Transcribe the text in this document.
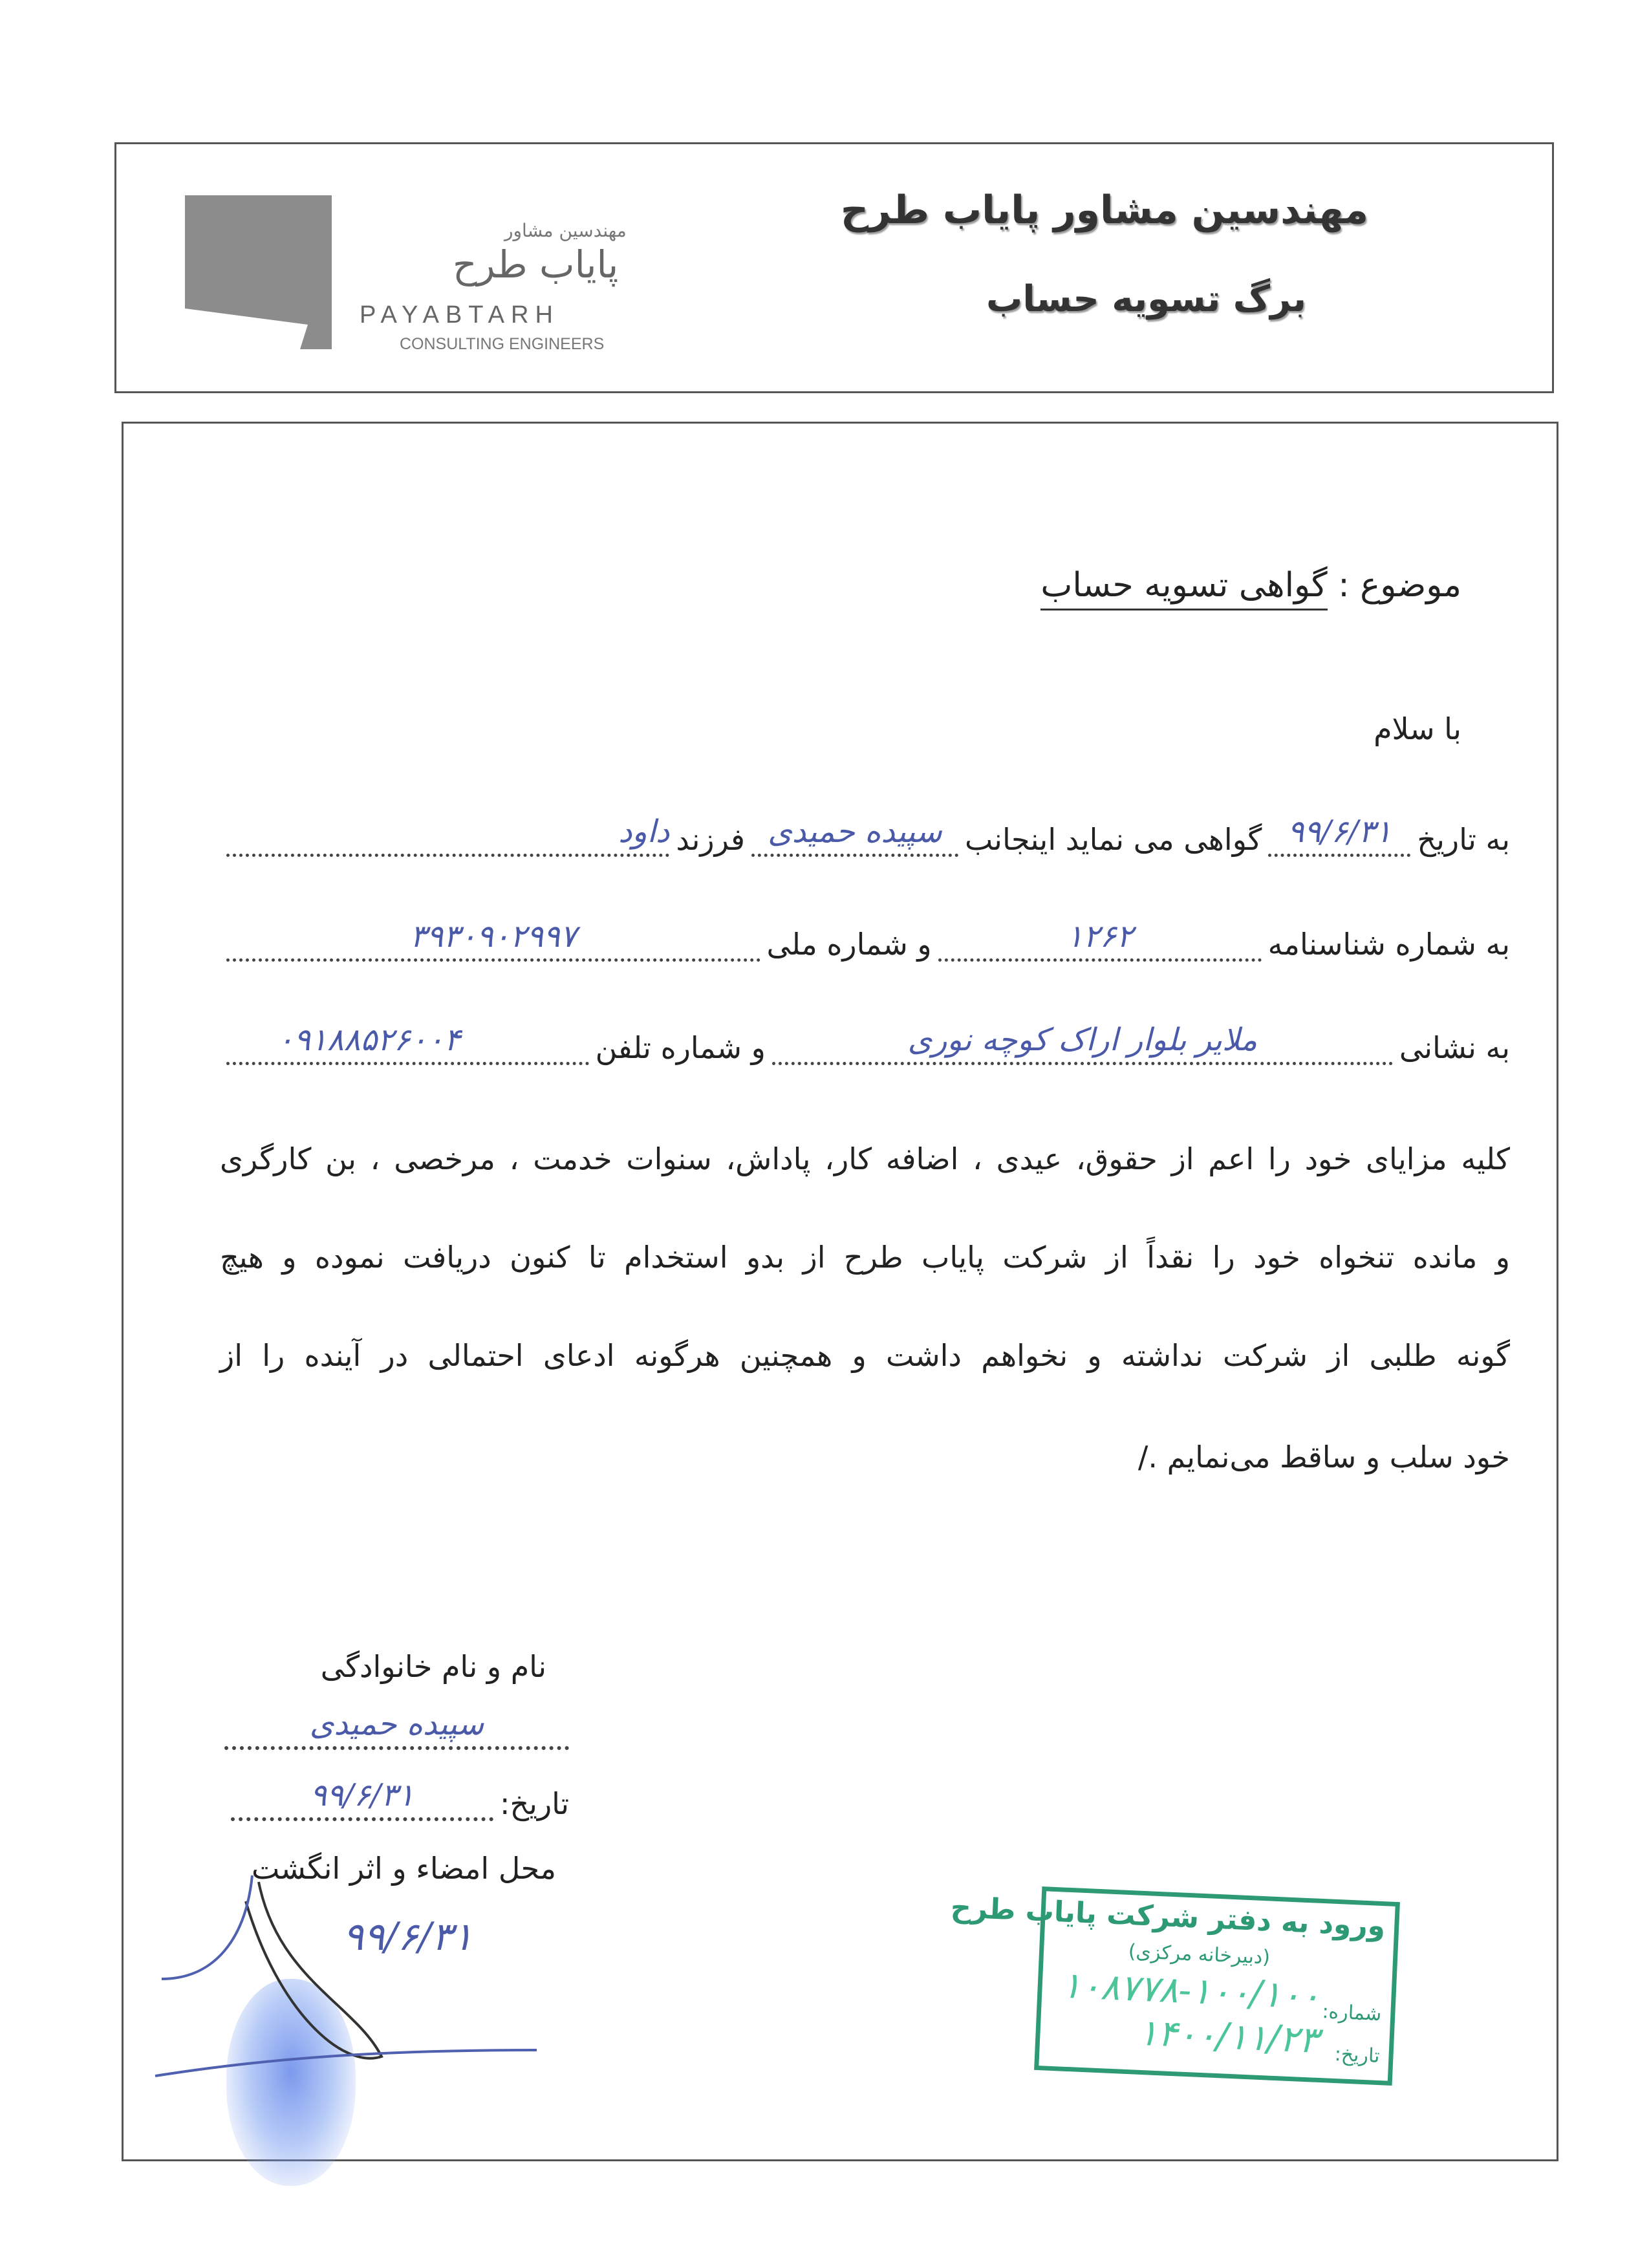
مهندسین مشاور
پایاب طرح
PAYABTARH
CONSULTING ENGINEERS
مهندسین مشاور پایاب طرح
برگ تسویه حساب
موضوع : گواهی تسویه حساب
با سلام
به تاریخ
۹۹/۶/۳۱
گواهی می نماید اینجانب
سپیده حمیدی
فرزند
داود
به شماره شناسنامه
۱۲۶۲
و شماره ملی
۳۹۳۰۹۰۲۹۹۷
به نشانی
ملایر بلوار اراک کوچه نوری
و شماره تلفن
۰۹۱۸۸۵۲۶۰۰۴
کلیه مزایای خود را اعم از حقوق، عیدی ، اضافه کار، پاداش، سنوات خدمت ، مرخصی ، بن کارگری
و مانده تنخواه خود را نقداً از شرکت پایاب طرح از بدو استخدام تا کنون دریافت نموده و هیچ
گونه طلبی از شرکت نداشته و نخواهم داشت و همچنین هرگونه ادعای احتمالی در آینده را از
خود سلب و ساقط می‌نمایم ./
نام و نام خانوادگی
سپیده حمیدی
تاریخ:
۹۹/۶/۳۱
محل امضاء و اثر انگشت
۹۹/۶/۳۱	ورود به دفتر شرکت پایاب طرح
(دبیرخانه مرکزی)
شماره:
۱۰۸۷۷۸-۱۰۰/۱۰۰
تاریخ:
۱۴۰۰/۱۱/۲۳
